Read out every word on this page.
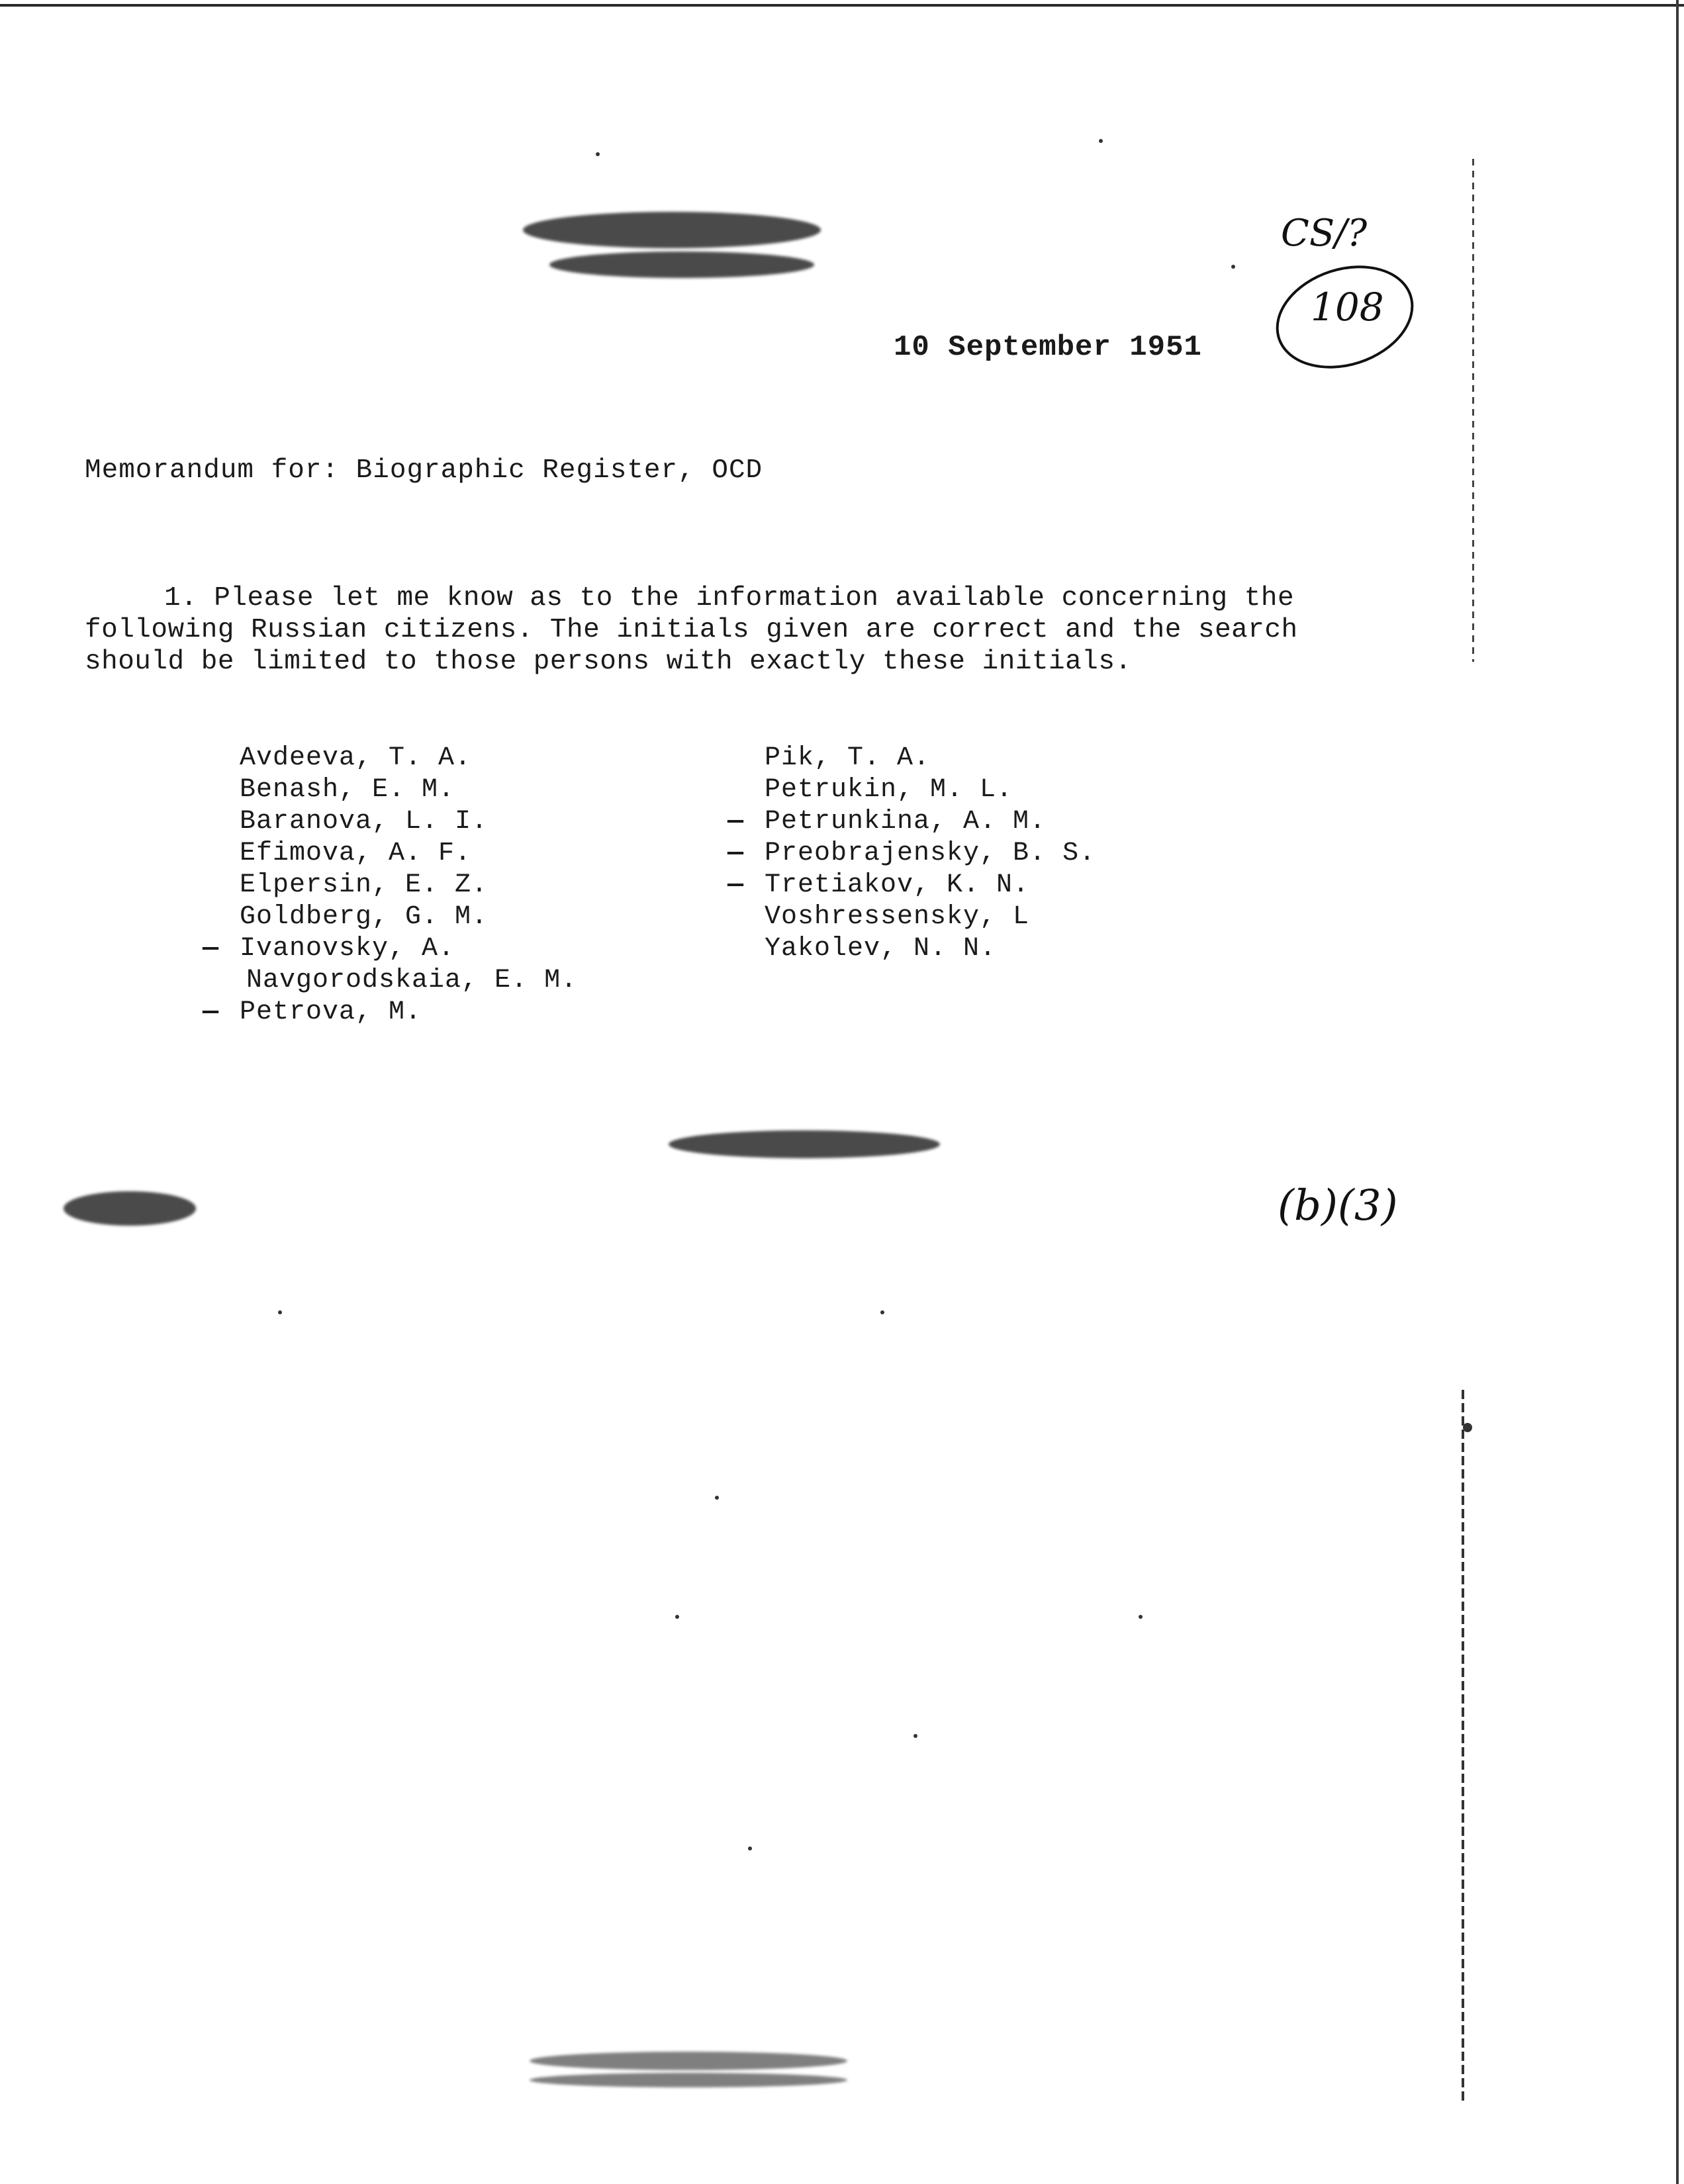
CS/?
108
(b)(3)
10 September 1951
Memorandum for: Biographic Register, OCD

1. Please let me know as to the information available concerning the

following Russian citizens. The initials given are correct and the search

should be limited to those persons with exactly these initials.

Avdeeva, T. A.
Benash, E. M.
Baranova, L. I.
Efimova, A. F.
Elpersin, E. Z.
Goldberg, G. M.
— Ivanovsky, A.
Navgorodskaia, E. M.
— Petrova, M.
Pik, T. A.
Petrukin, M. L.
— Petrunkina, A. M.
— Preobrajensky, B. S.
— Tretiakov, K. N.
Voshressensky, L
Yakolev, N. N.
